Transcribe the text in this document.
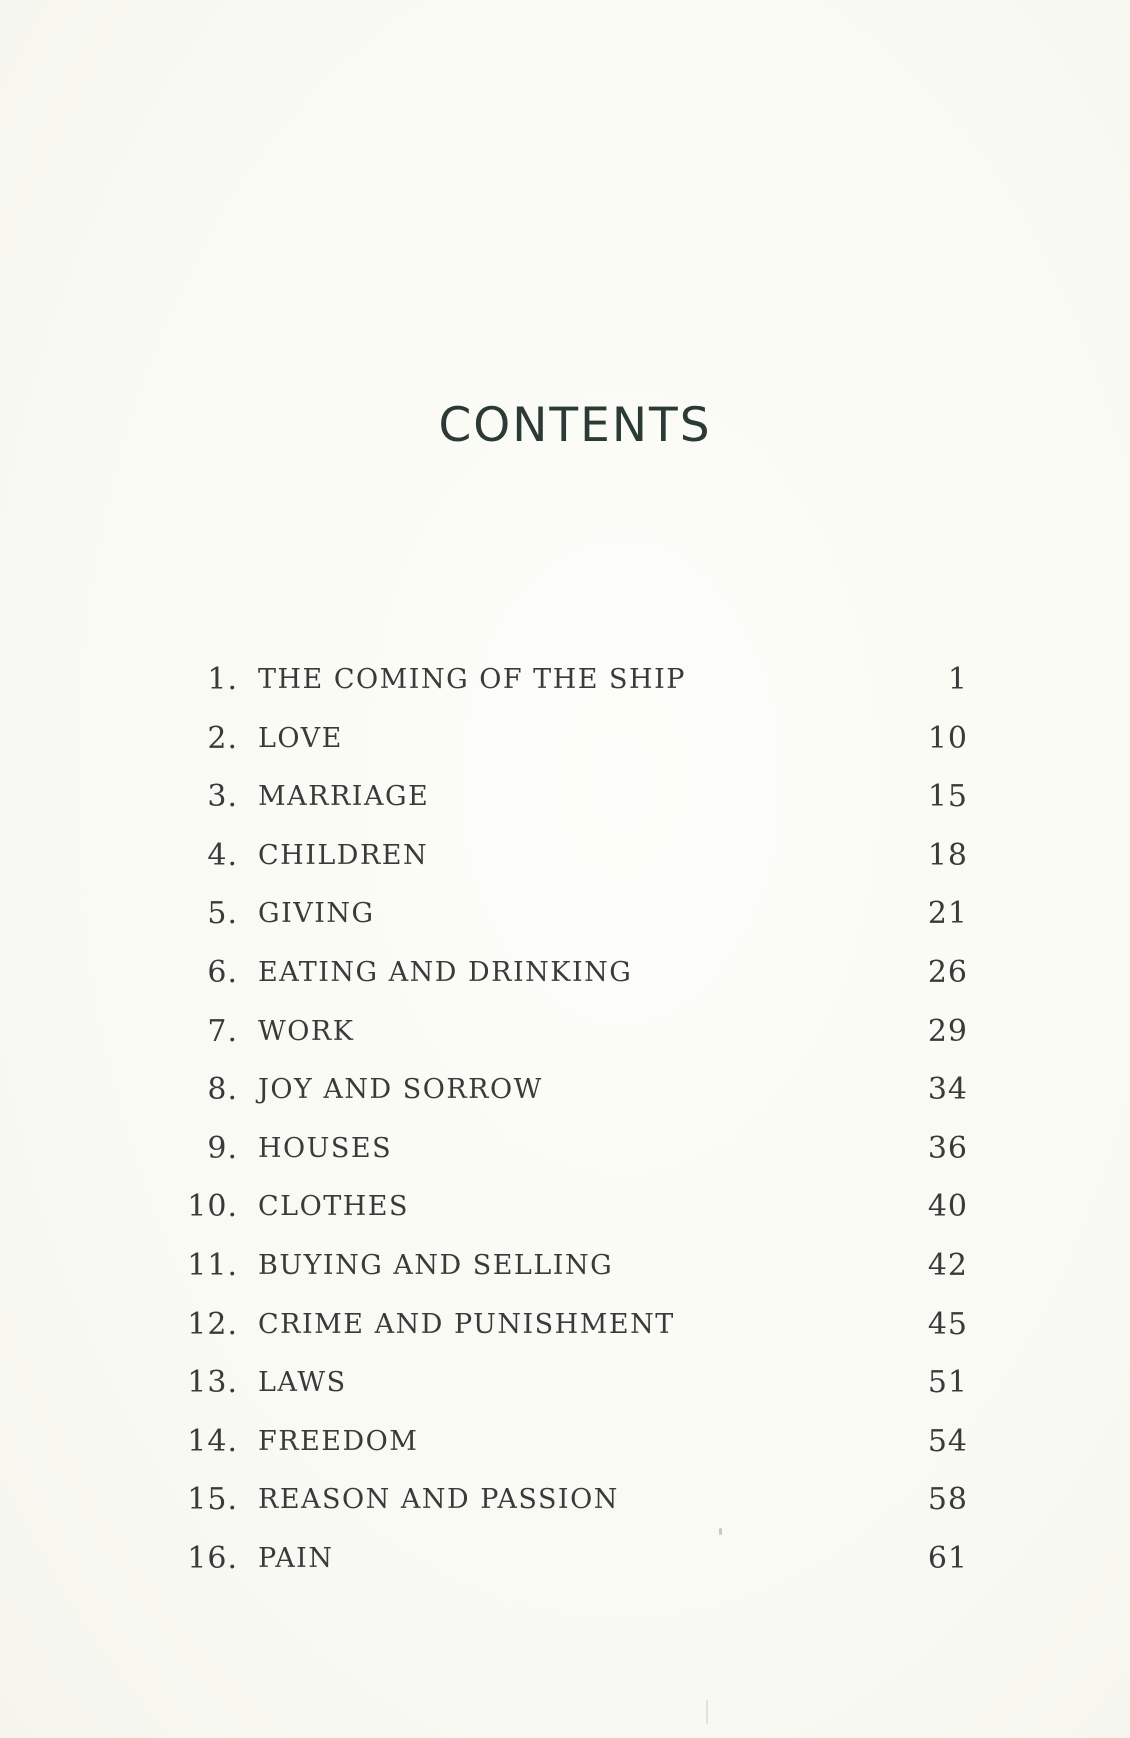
CONTENTS
1. THE COMING OF THE SHIP	1
2. LOVE	10
3. MARRIAGE	15
4. CHILDREN	18
5. GIVING	21
6. EATING AND DRINKING	26
7. WORK	29
8. JOY AND SORROW	34
9. HOUSES	36
10. CLOTHES	40
11. BUYING AND SELLING	42
12. CRIME AND PUNISHMENT	45
13. LAWS	51
14. FREEDOM	54
15. REASON AND PASSION	58
16. PAIN	61
